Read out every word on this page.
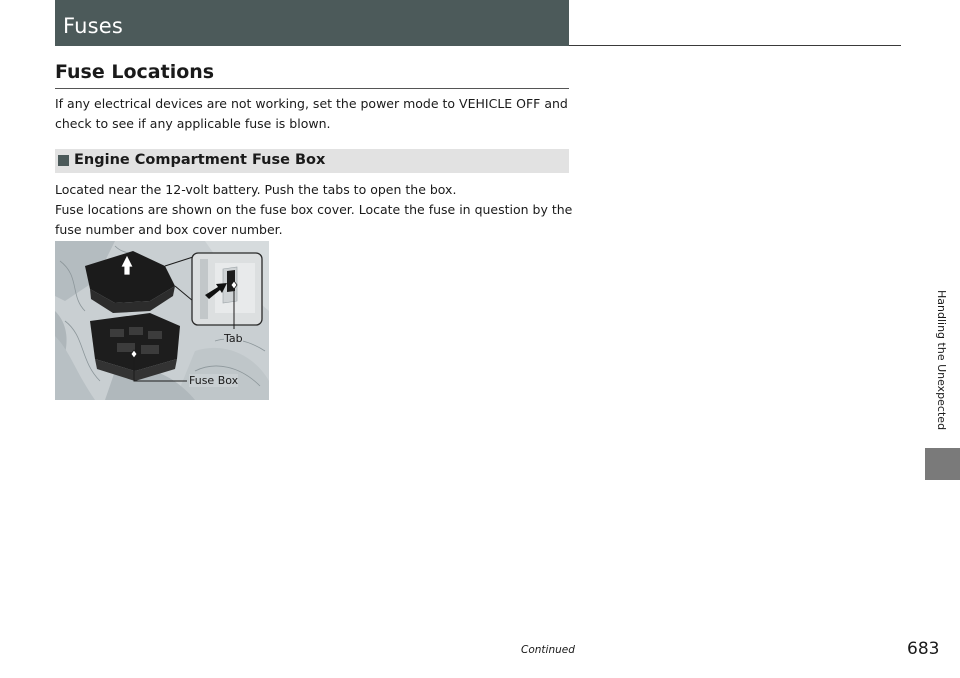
Fuses
Fuse Locations
If any electrical devices are not working, set the power mode to VEHICLE OFF and
check to see if any applicable fuse is blown.
Engine Compartment Fuse Box
Located near the 12-volt battery. Push the tabs to open the box.
Fuse locations are shown on the fuse box cover. Locate the fuse in question by the
fuse number and box cover number.
Tab
Fuse Box	Handling the Unexpected
Continued	683
